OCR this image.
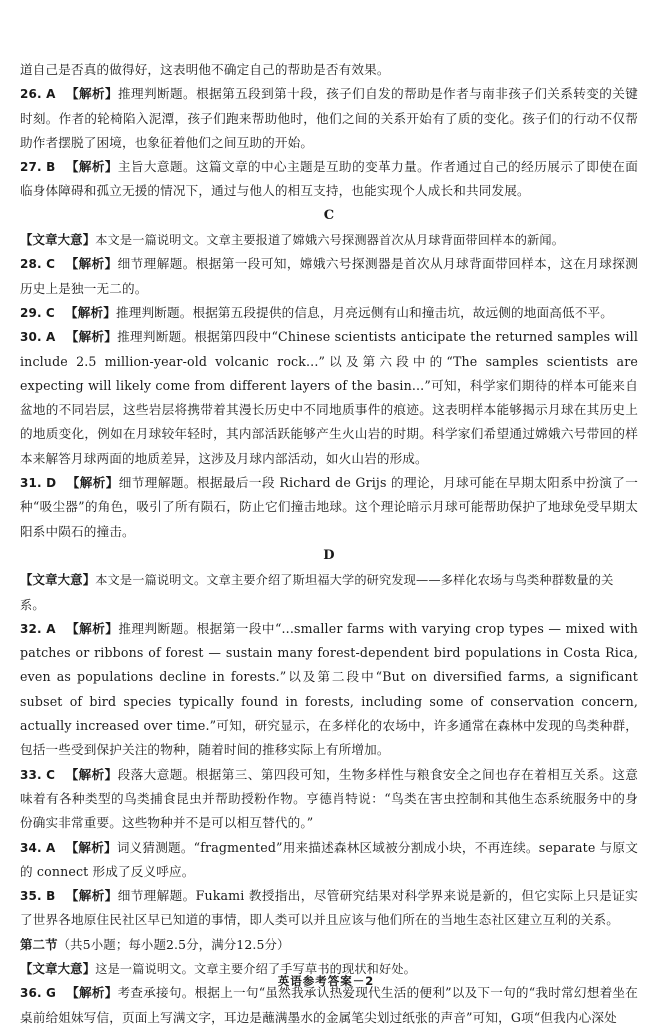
道自己是否真的做得好，这表明他不确定自己的帮助是否有效果。

26. A 【解析】推理判断题。根据第五段到第十段，孩子们自发的帮助是作者与南非孩子们关系转变的关键时刻。作者的轮椅陷入泥潭，孩子们跑来帮助他时，他们之间的关系开始有了质的变化。孩子们的行动不仅帮助作者摆脱了困境，也象征着他们之间互助的开始。

27. B 【解析】主旨大意题。这篇文章的中心主题是互助的变革力量。作者通过自己的经历展示了即使在面临身体障碍和孤立无援的情况下，通过与他人的相互支持，也能实现个人成长和共同发展。

C

【文章大意】本文是一篇说明文。文章主要报道了嫦娥六号探测器首次从月球背面带回样本的新闻。

28. C 【解析】细节理解题。根据第一段可知，嫦娥六号探测器是首次从月球背面带回样本，这在月球探测历史上是独一无二的。

29. C 【解析】推理判断题。根据第五段提供的信息，月亮远侧有山和撞击坑，故远侧的地面高低不平。

30. A 【解析】推理判断题。根据第四段中“Chinese scientists anticipate the returned samples will include 2.5 million-year-old volcanic rock...”以及第六段中的“The samples scientists are expecting will likely come from different layers of the basin...”可知，科学家们期待的样本可能来自盆地的不同岩层，这些岩层将携带着其漫长历史中不同地质事件的痕迹。这表明样本能够揭示月球在其历史上的地质变化，例如在月球较年轻时，其内部活跃能够产生火山岩的时期。科学家们希望通过嫦娥六号带回的样本来解答月球两面的地质差异，这涉及月球内部活动，如火山岩的形成。

31. D 【解析】细节理解题。根据最后一段 Richard de Grijs 的理论，月球可能在早期太阳系中扮演了一种“吸尘器”的角色，吸引了所有陨石，防止它们撞击地球。这个理论暗示月球可能帮助保护了地球免受早期太阳系中陨石的撞击。

D

【文章大意】本文是一篇说明文。文章主要介绍了斯坦福大学的研究发现——多样化农场与鸟类种群数量的关系。

32. A 【解析】推理判断题。根据第一段中“...smaller farms with varying crop types — mixed with patches or ribbons of forest — sustain many forest-dependent bird populations in Costa Rica, even as populations decline in forests.”以及第二段中“But on diversified farms, a significant subset of bird species typically found in forests, including some of conservation concern, actually increased over time.”可知，研究显示，在多样化的农场中，许多通常在森林中发现的鸟类种群，包括一些受到保护关注的物种，随着时间的推移实际上有所增加。

33. C 【解析】段落大意题。根据第三、第四段可知，生物多样性与粮食安全之间也存在着相互关系。这意味着有各种类型的鸟类捕食昆虫并帮助授粉作物。亨德肖特说：“鸟类在害虫控制和其他生态系统服务中的身份确实非常重要。这些物种并不是可以相互替代的。”

34. A 【解析】词义猜测题。“fragmented”用来描述森林区域被分割成小块，不再连续。separate 与原文的 connect 形成了反义呼应。

35. B 【解析】细节理解题。Fukami 教授指出，尽管研究结果对科学界来说是新的，但它实际上只是证实了世界各地原住民社区早已知道的事情，即人类可以并且应该与他们所在的当地生态社区建立互利的关系。

第二节（共5小题；每小题2.5分，满分12.5分）

【文章大意】这是一篇说明文。文章主要介绍了手写草书的现状和好处。

36. G 【解析】考查承接句。根据上一句“虽然我承认热爱现代生活的便利”以及下一句的“我时常幻想着坐在桌前给姐妹写信，页面上写满文字，耳边是蘸满墨水的金属笔尖划过纸张的声音”可知，G项“但我内心深处

英语参考答案－2
